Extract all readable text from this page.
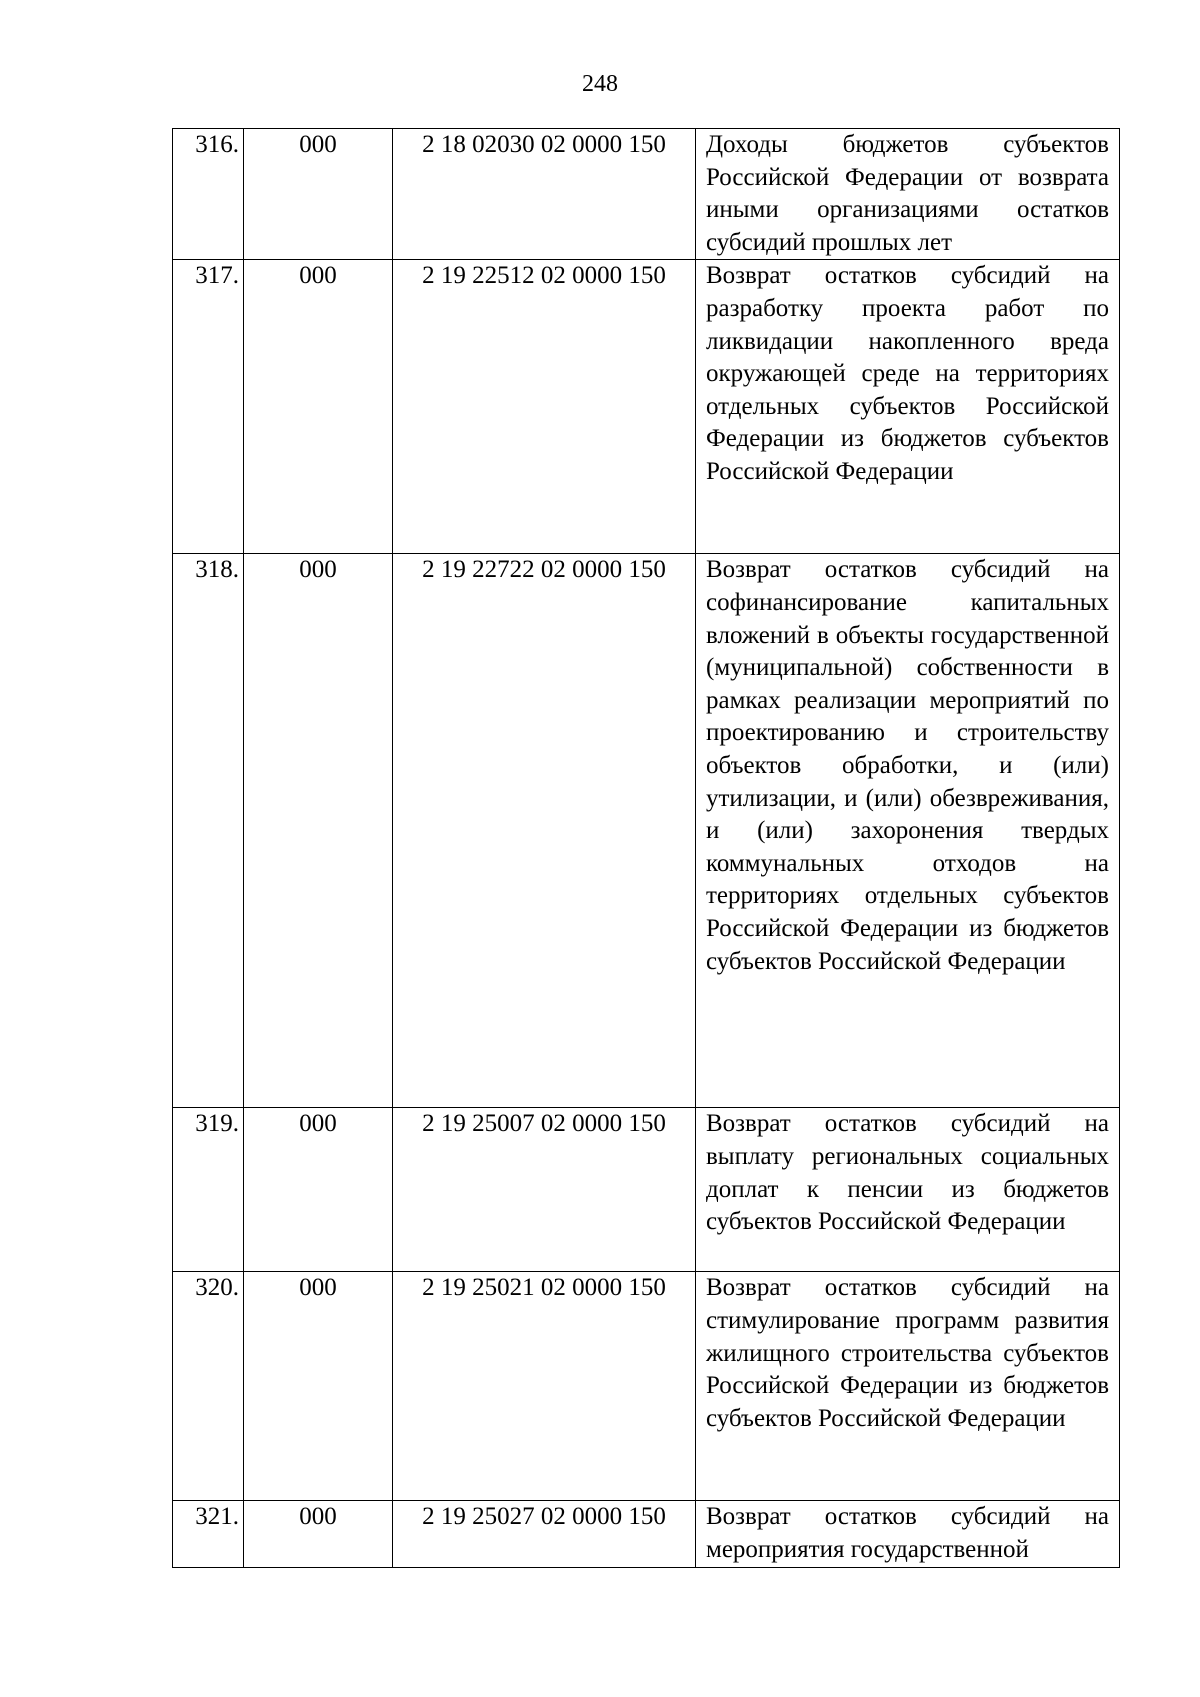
248
316.	000	2 18 02030 02 0000 150	Доходы бюджетов субъектов Российской Федерации от возврата иными организациями остатков субсидий прошлых лет
317.	000	2 19 22512 02 0000 150	Возврат остатков субсидий на разработку проекта работ по ликвидации накопленного вреда окружающей среде на территориях отдельных субъектов Российской Федерации из бюджетов субъектов Российской Федерации
318.	000	2 19 22722 02 0000 150	Возврат остатков субсидий на софинансирование капитальных вложений в объекты государственной (муниципальной) собственности в рамках реализации мероприятий по проектированию и строительству объектов обработки, и (или) утилизации, и (или) обезвреживания, и (или) захоронения твердых коммунальных отходов на территориях отдельных субъектов Российской Федерации из бюджетов субъектов Российской Федерации
319.	000	2 19 25007 02 0000 150	Возврат остатков субсидий на выплату региональных социальных доплат к пенсии из бюджетов субъектов Российской Федерации
320.	000	2 19 25021 02 0000 150	Возврат остатков субсидий на стимулирование программ развития жилищного строительства субъектов Российской Федерации из бюджетов субъектов Российской Федерации
321.	000	2 19 25027 02 0000 150	Возврат остатков субсидий на мероприятия государственной
